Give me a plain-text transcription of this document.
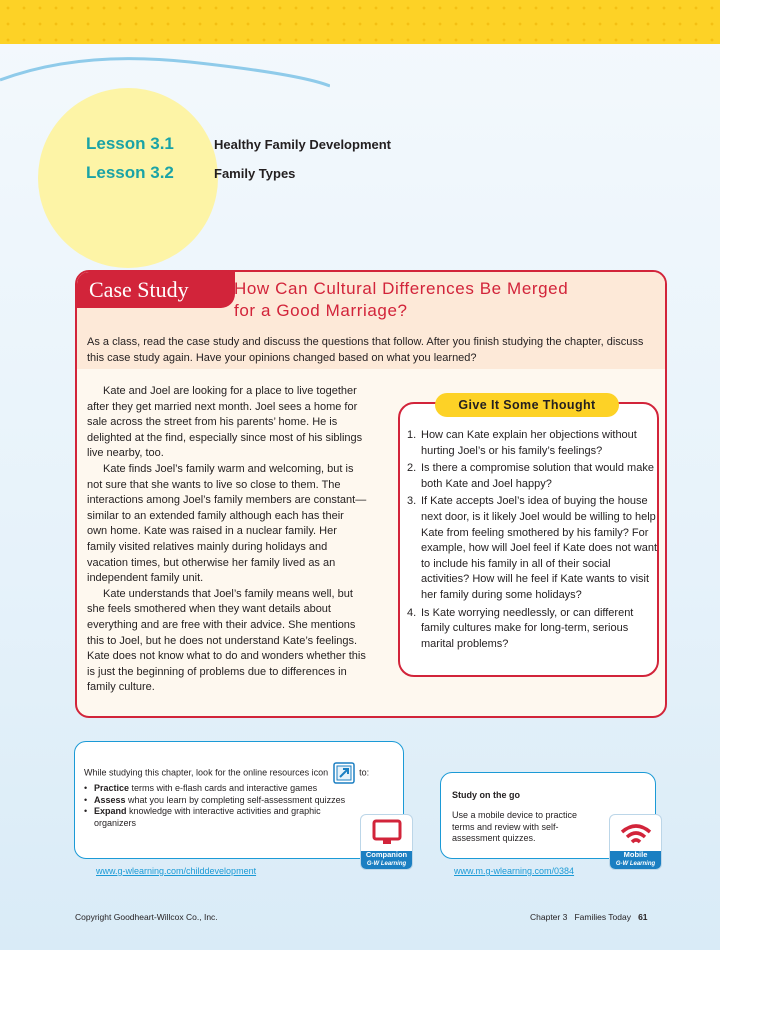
Lesson 3.1	Healthy Family Development
Lesson 3.2	Family Types
Case Study	How Can Cultural Differences Be Merged
for a Good Marriage?
As a class, read the case study and discuss the questions that follow. After you finish studying the chapter, discuss this case study again. Have your opinions changed based on what you learned?

Kate and Joel are looking for a place to live together after they get married next month. Joel sees a home for sale across the street from his parents’ home. He is delighted at the find, especially since most of his siblings live nearby, too.

Kate finds Joel’s family warm and welcoming, but is not sure that she wants to live so close to them. The interactions among Joel’s family members are constant—similar to an extended family although each has their own home. Kate was raised in a nuclear family. Her family visited relatives mainly during holidays and vacation times, but otherwise her family lived as an independent family unit.

Kate understands that Joel’s family means well, but she feels smothered when they want details about everything and are free with their advice. She mentions this to Joel, but he does not understand Kate’s feelings. Kate does not know what to do and wonders whether this is just the beginning of problems due to differences in family culture.

Give It Some Thought
1. How can Kate explain her objections without hurting Joel’s or his family’s feelings?
2. Is there a compromise solution that would make both Kate and Joel happy?
3. If Kate accepts Joel’s idea of buying the house next door, is it likely Joel would be willing to help Kate from feeling smothered by his family? For example, how will Joel feel if Kate does not want to include his family in all of their social activities? How will he feel if Kate wants to visit her family during some holidays?
4. Is Kate worrying needlessly, or can different family cultures make for long-term, serious marital problems?
While studying this chapter, look for the online resources icon	to:
• Practice terms with e-flash cards and interactive games
• Assess what you learn by completing self-assessment quizzes
• Expand knowledge with interactive activities and graphic organizers
Companion
G-W Learning
www.g-wlearning.com/childdevelopment
Study on the go
Use a mobile device to practice terms and review with self-assessment quizzes.
Mobile
G-W Learning
www.m.g-wlearning.com/0384
Copyright Goodheart-Willcox Co., Inc.	Chapter 3 Families Today 61
